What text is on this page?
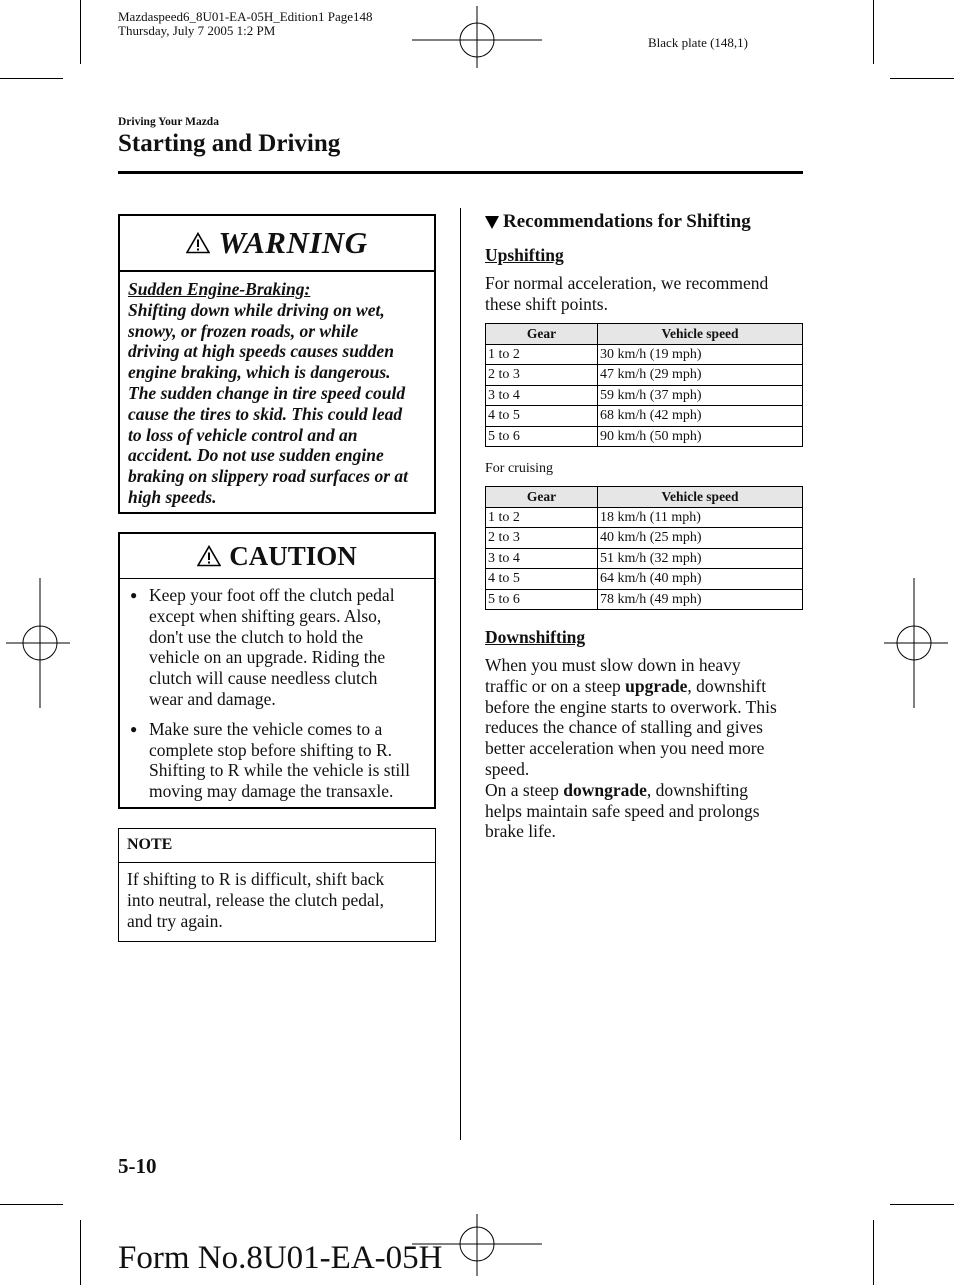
Mazdaspeed6_8U01-EA-05H_Edition1 Page148
Thursday, July 7 2005 1:2 PM
Black plate (148,1)
Driving Your Mazda
Starting and Driving
WARNING
Sudden Engine-Braking:
Shifting down while driving on wet,
snowy, or frozen roads, or while
driving at high speeds causes sudden
engine braking, which is dangerous.
The sudden change in tire speed could
cause the tires to skid. This could lead
to loss of vehicle control and an
accident. Do not use sudden engine
braking on slippery road surfaces or at
high speeds.
CAUTION
● Keep your foot off the clutch pedal
except when shifting gears. Also,
don't use the clutch to hold the
vehicle on an upgrade. Riding the
clutch will cause needless clutch
wear and damage.
● Make sure the vehicle comes to a
complete stop before shifting to R.
Shifting to R while the vehicle is still
moving may damage the transaxle.
NOTE
If shifting to R is difficult, shift back
into neutral, release the clutch pedal,
and try again.
Recommendations for Shifting
Upshifting
For normal acceleration, we recommend
these shift points.
Gear	Vehicle speed
1 to 2	30 km/h (19 mph)
2 to 3	47 km/h (29 mph)
3 to 4	59 km/h (37 mph)
4 to 5	68 km/h (42 mph)
5 to 6	90 km/h (50 mph)
For cruising
Gear	Vehicle speed
1 to 2	18 km/h (11 mph)
2 to 3	40 km/h (25 mph)
3 to 4	51 km/h (32 mph)
4 to 5	64 km/h (40 mph)
5 to 6	78 km/h (49 mph)
Downshifting
When you must slow down in heavy
traffic or on a steep upgrade, downshift
before the engine starts to overwork. This
reduces the chance of stalling and gives
better acceleration when you need more
speed.
On a steep downgrade, downshifting
helps maintain safe speed and prolongs
brake life.
5-10
Form No.8U01-EA-05H
